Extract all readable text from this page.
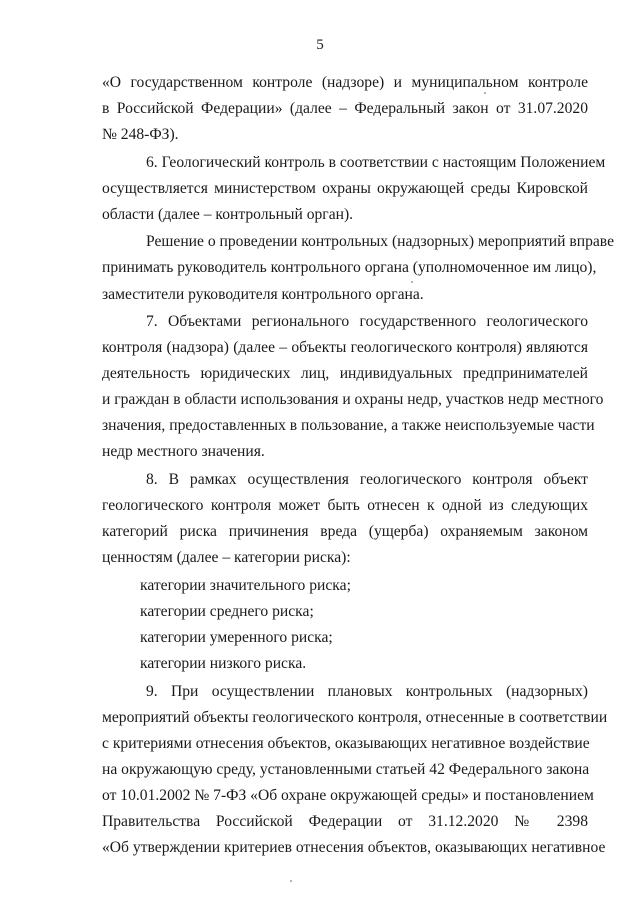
5
«О государственном контроле (надзоре) и муниципальном контроле
в Российской Федерации» (далее – Федеральный закон от 31.07.2020
№ 248-ФЗ).
6. Геологический контроль в соответствии с настоящим Положением
осуществляется министерством охраны окружающей среды Кировской
области (далее – контрольный орган).
Решение о проведении контрольных (надзорных) мероприятий вправе
принимать руководитель контрольного органа (уполномоченное им лицо),
заместители руководителя контрольного органа.
7. Объектами регионального государственного геологического
контроля (надзора) (далее – объекты геологического контроля) являются
деятельность юридических лиц, индивидуальных предпринимателей
и граждан в области использования и охраны недр, участков недр местного
значения, предоставленных в пользование, а также неиспользуемые части
недр местного значения.
8. В рамках осуществления геологического контроля объект
геологического контроля может быть отнесен к одной из следующих
категорий риска причинения вреда (ущерба) охраняемым законом
ценностям (далее – категории риска):
категории значительного риска;
категории среднего риска;
категории умеренного риска;
категории низкого риска.
9. При осуществлении плановых контрольных (надзорных)
мероприятий объекты геологического контроля, отнесенные в соответствии
с критериями отнесения объектов, оказывающих негативное воздействие
на окружающую среду, установленными статьей 42 Федерального закона
от 10.01.2002 № 7-ФЗ «Об охране окружающей среды» и постановлением
Правительства Российской Федерации от 31.12.2020 № 2398
«Об утверждении критериев отнесения объектов, оказывающих негативное
